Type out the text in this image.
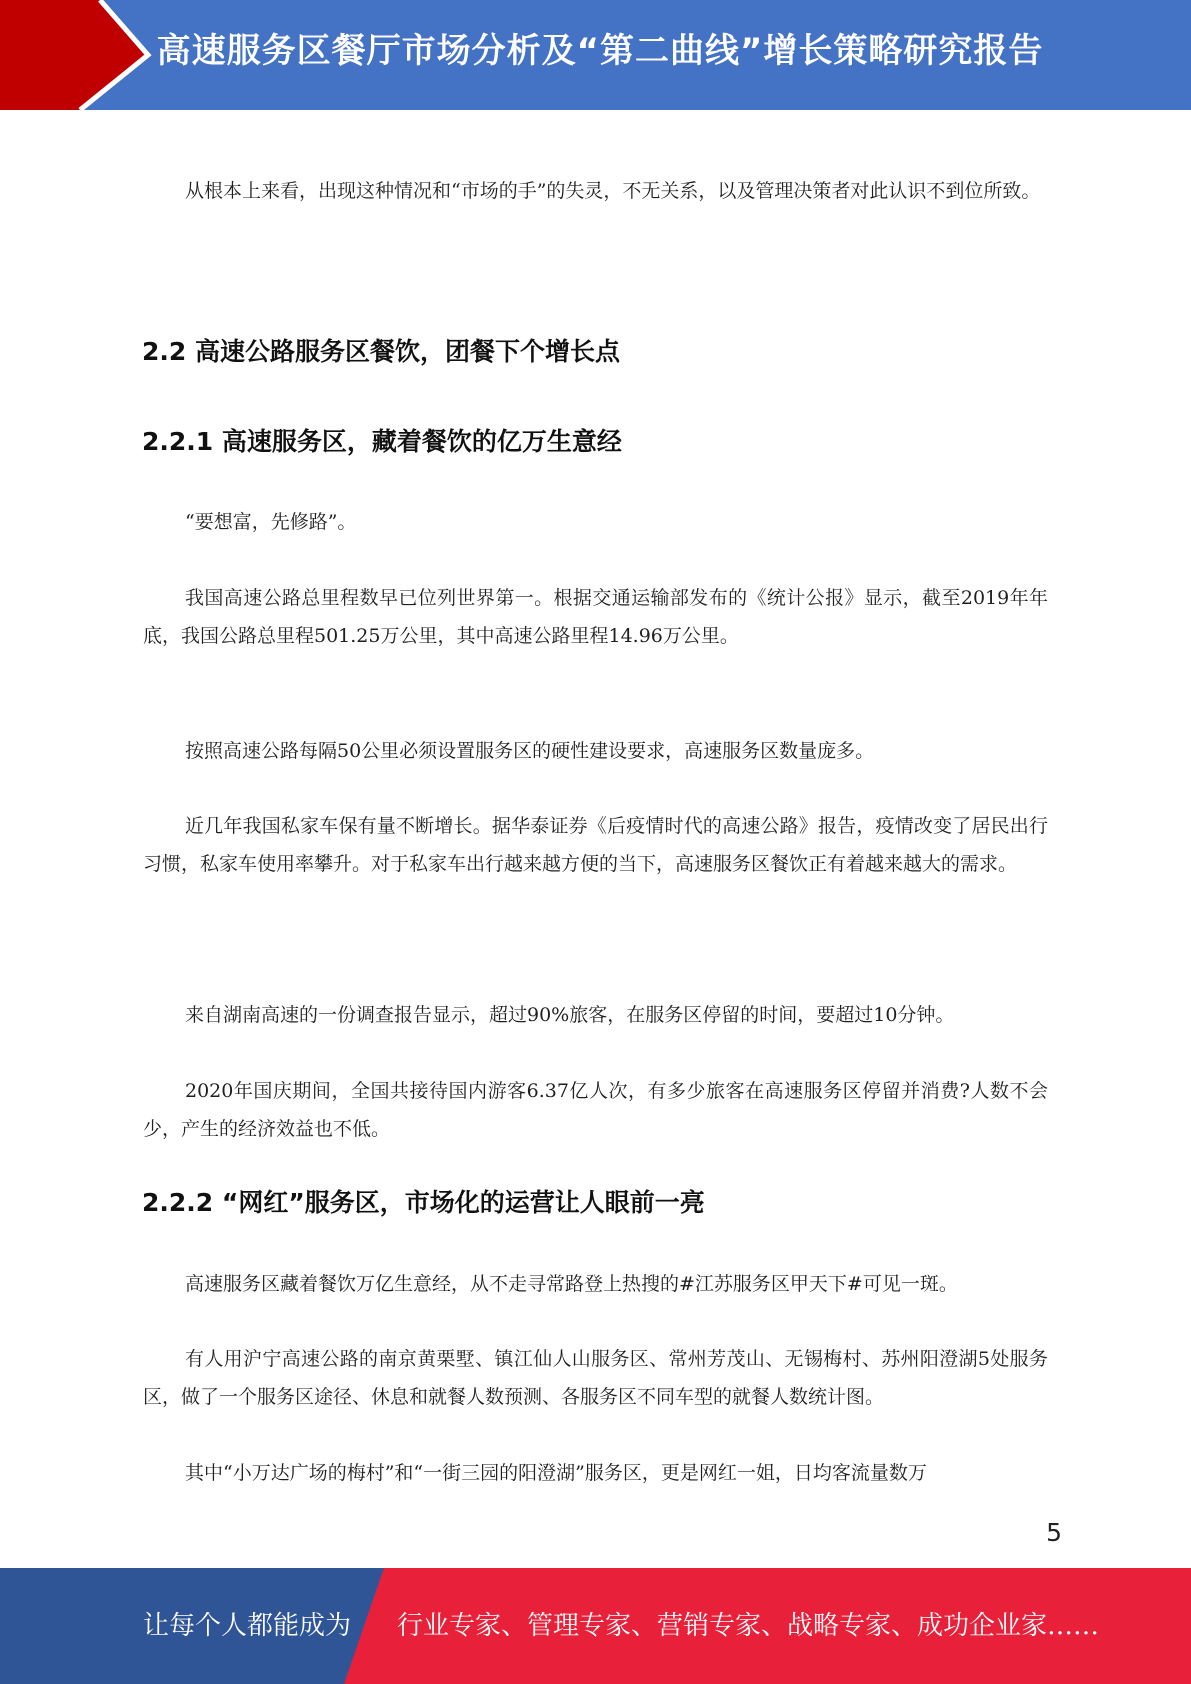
高速服务区餐厅市场分析及“第二曲线”增长策略研究报告
从根本上来看，出现这种情况和“市场的手”的失灵，不无关系，以及管理决策者对此认识不到位所致。
2.2 高速公路服务区餐饮，团餐下个增长点
2.2.1 高速服务区，藏着餐饮的亿万生意经
“要想富，先修路”。
我国高速公路总里程数早已位列世界第一。根据交通运输部发布的《统计公报》显示，截至2019年年底，我国公路总里程501.25万公里，其中高速公路里程14.96万公里。
按照高速公路每隔50公里必须设置服务区的硬性建设要求，高速服务区数量庞多。
近几年我国私家车保有量不断增长。据华泰证券《后疫情时代的高速公路》报告，疫情改变了居民出行习惯，私家车使用率攀升。对于私家车出行越来越方便的当下，高速服务区餐饮正有着越来越大的需求。
来自湖南高速的一份调查报告显示，超过90%旅客，在服务区停留的时间，要超过10分钟。
2020年国庆期间，全国共接待国内游客6.37亿人次，有多少旅客在高速服务区停留并消费?人数不会少，产生的经济效益也不低。
2.2.2 “网红”服务区，市场化的运营让人眼前一亮
高速服务区藏着餐饮万亿生意经，从不走寻常路登上热搜的#江苏服务区甲天下#可见一斑。
有人用沪宁高速公路的南京黄栗墅、镇江仙人山服务区、常州芳茂山、无锡梅村、苏州阳澄湖5处服务区，做了一个服务区途径、休息和就餐人数预测、各服务区不同车型的就餐人数统计图。
其中“小万达广场的梅村”和“一街三园的阳澄湖”服务区，更是网红一姐，日均客流量数万
5
让每个人都能成为 行业专家、管理专家、营销专家、战略专家、成功企业家……
